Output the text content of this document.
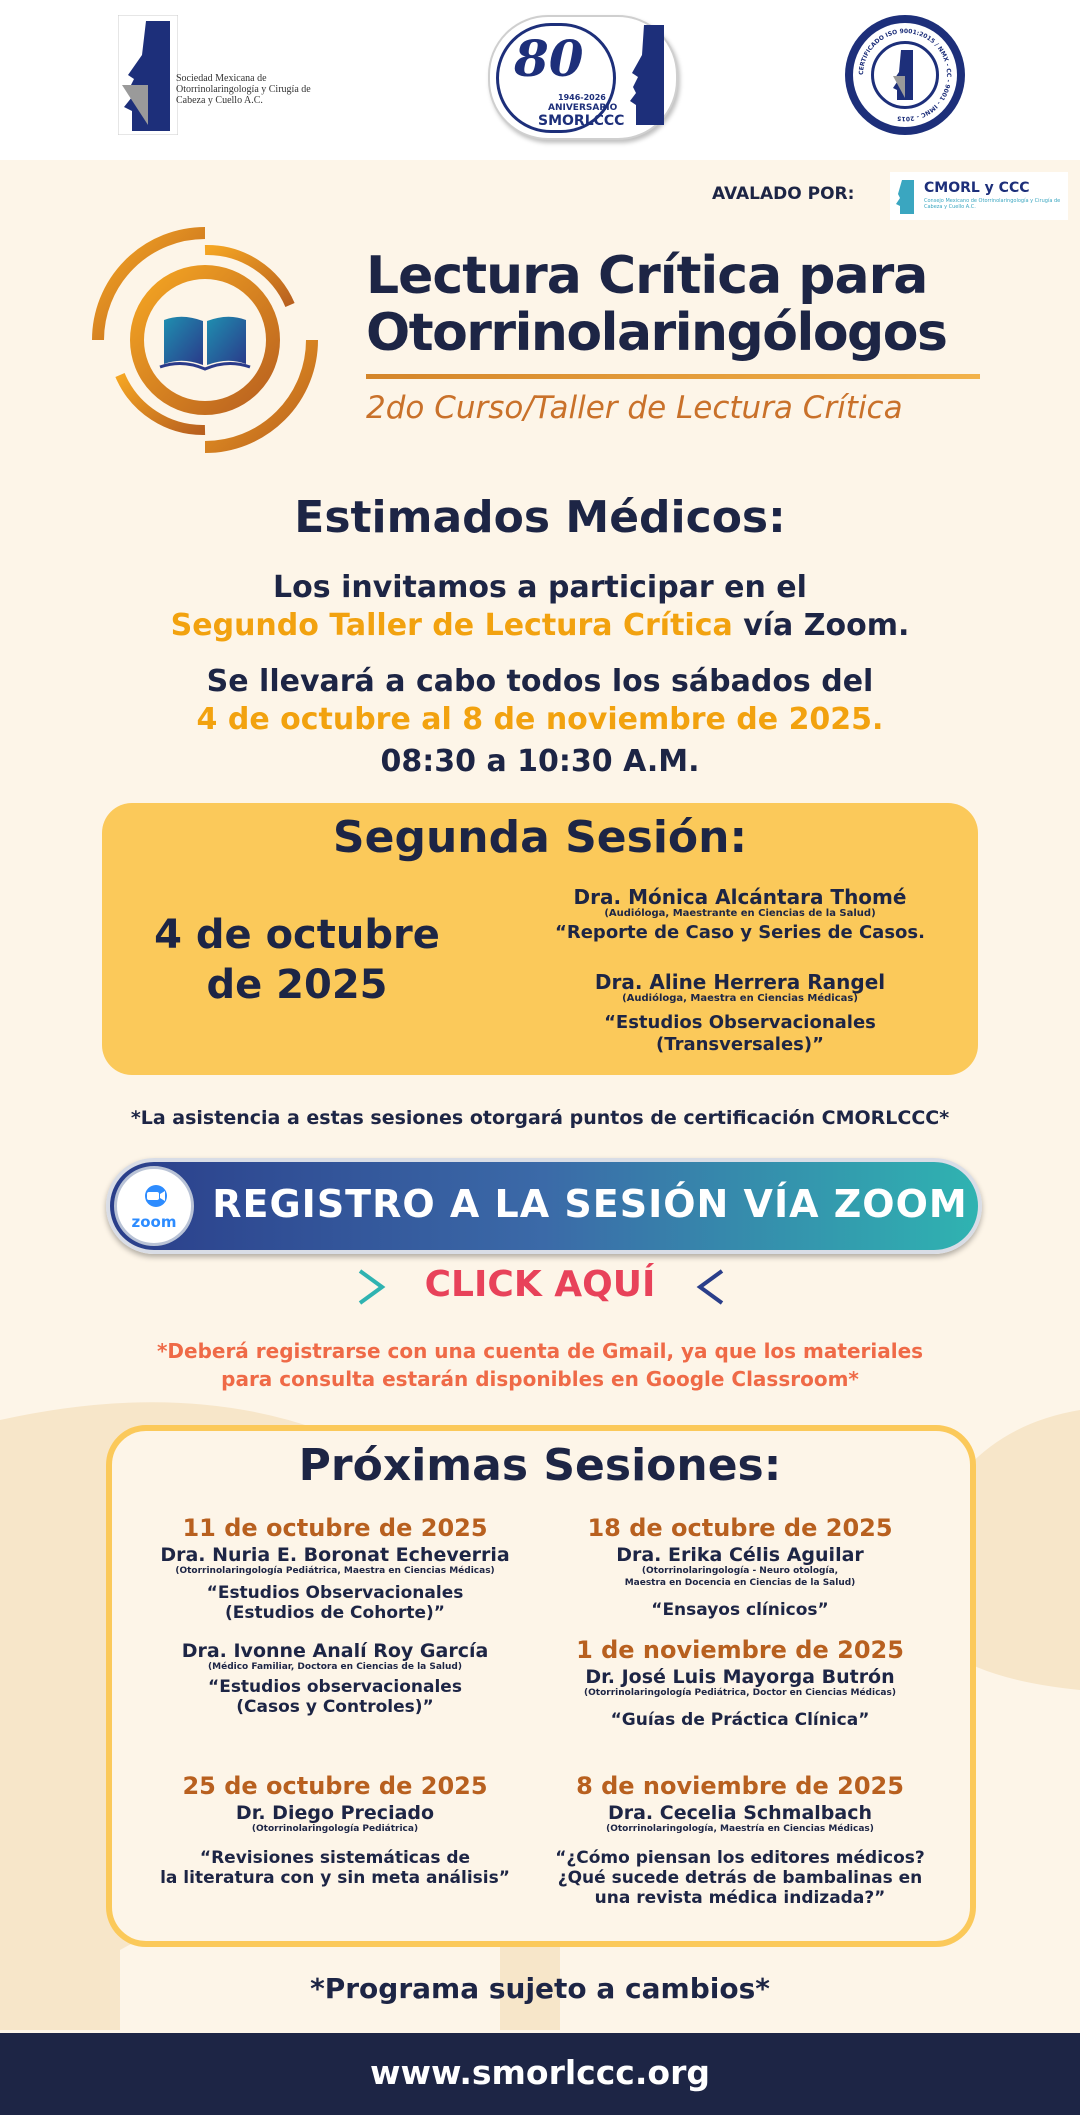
Sociedad Mexicana de Otorrinolaringología y Cirugía de Cabeza y Cuello A.C.
80
1946-2026
ANIVERSARIO
SMORLCCC
CERTIFICADO ISO 9001:2015 / NMX - CC - 9001 - IMNC - 2015
AVALADO POR:	CMORL y CCC
Consejo Mexicano de Otorrinolaringología y Cirugía de Cabeza y Cuello A.C.
Lectura Crítica para
Otorrinolaringólogos
2do Curso/Taller de Lectura Crítica
Estimados Médicos:
Los invitamos a participar en el
Segundo Taller de Lectura Crítica vía Zoom.
Se llevará a cabo todos los sábados del
4 de octubre al 8 de noviembre de 2025.
08:30 a 10:30 A.M.
Segunda Sesión:
4 de octubre
de 2025
Dra. Mónica Alcántara Thomé
(Audióloga, Maestrante en Ciencias de la Salud)
“Reporte de Caso y Series de Casos.
Dra. Aline Herrera Rangel
(Audióloga, Maestra en Ciencias Médicas)
“Estudios Observacionales
(Transversales)”
*La asistencia a estas sesiones otorgará puntos de certificación CMORLCCC*
zoom REGISTRO A LA SESIÓN VÍA ZOOM
CLICK AQUÍ
*Deberá registrarse con una cuenta de Gmail, ya que los materiales
para consulta estarán disponibles en Google Classroom*
Próximas Sesiones:
11 de octubre de 2025
Dra. Nuria E. Boronat Echeverria
(Otorrinolaringología Pediátrica, Maestra en Ciencias Médicas)
“Estudios Observacionales
(Estudios de Cohorte)”
Dra. Ivonne Analí Roy García
(Médico Familiar, Doctora en Ciencias de la Salud)
“Estudios observacionales
(Casos y Controles)”
25 de octubre de 2025
Dr. Diego Preciado
(Otorrinolaringología Pediátrica)
“Revisiones sistemáticas de
la literatura con y sin meta análisis”
18 de octubre de 2025
Dra. Erika Célis Aguilar
(Otorrinolaringología - Neuro otología,
Maestra en Docencia en Ciencias de la Salud)
“Ensayos clínicos”
1 de noviembre de 2025
Dr. José Luis Mayorga Butrón
(Otorrinolaringología Pediátrica, Doctor en Ciencias Médicas)
“Guías de Práctica Clínica”
8 de noviembre de 2025
Dra. Cecelia Schmalbach
(Otorrinolaringología, Maestría en Ciencias Médicas)
“¿Cómo piensan los editores médicos?
¿Qué sucede detrás de bambalinas en
una revista médica indizada?”
*Programa sujeto a cambios*
www.smorlccc.org
